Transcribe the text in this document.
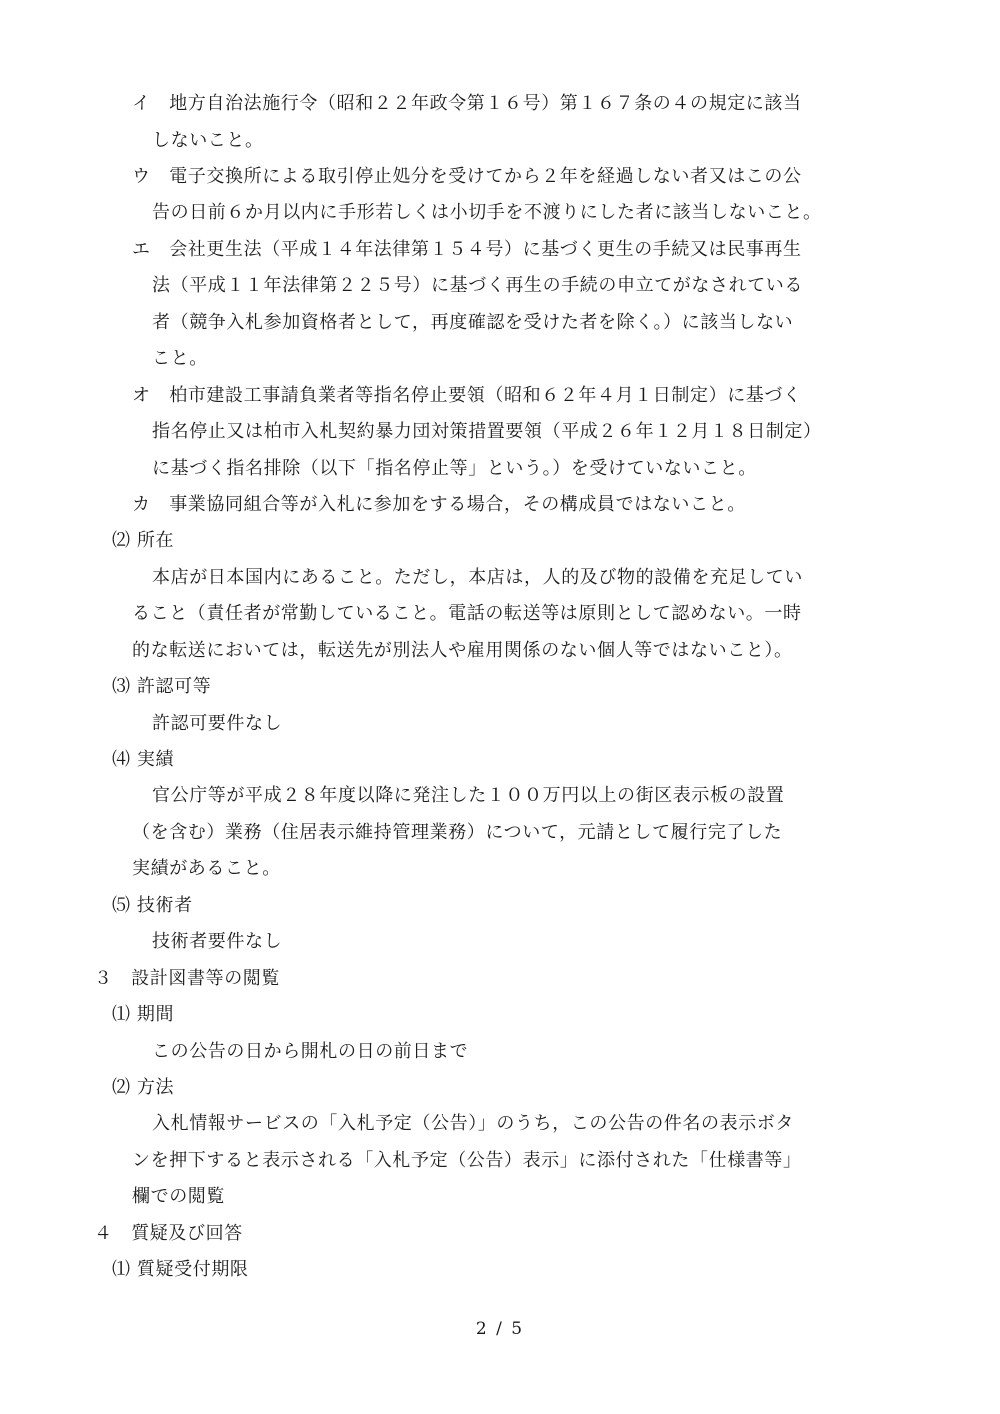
イ　地方自治法施行令（昭和２２年政令第１６号）第１６７条の４の規定に該当
しないこと。
ウ　電子交換所による取引停止処分を受けてから２年を経過しない者又はこの公
告の日前６か月以内に手形若しくは小切手を不渡りにした者に該当しないこと。
エ　会社更生法（平成１４年法律第１５４号）に基づく更生の手続又は民事再生
法（平成１１年法律第２２５号）に基づく再生の手続の申立てがなされている
者（競争入札参加資格者として，再度確認を受けた者を除く。）に該当しない
こと。
オ　柏市建設工事請負業者等指名停止要領（昭和６２年４月１日制定）に基づく
指名停止又は柏市入札契約暴力団対策措置要領（平成２６年１２月１８日制定）
に基づく指名排除（以下「指名停止等」という。）を受けていないこと。
カ　事業協同組合等が入札に参加をする場合，その構成員ではないこと。
⑵ 所在
本店が日本国内にあること。ただし，本店は，人的及び物的設備を充足してい
ること（責任者が常勤していること。電話の転送等は原則として認めない。一時
的な転送においては，転送先が別法人や雇用関係のない個人等ではないこと）。
⑶ 許認可等
許認可要件なし
⑷ 実績
官公庁等が平成２８年度以降に発注した１００万円以上の街区表示板の設置
（を含む）業務（住居表示維持管理業務）について，元請として履行完了した
実績があること。
⑸ 技術者
技術者要件なし
３　設計図書等の閲覧
⑴ 期間
この公告の日から開札の日の前日まで
⑵ 方法
入札情報サービスの「入札予定（公告）」のうち，この公告の件名の表示ボタ
ンを押下すると表示される「入札予定（公告）表示」に添付された「仕様書等」
欄での閲覧
４　質疑及び回答
⑴ 質疑受付期限
2 / 5
